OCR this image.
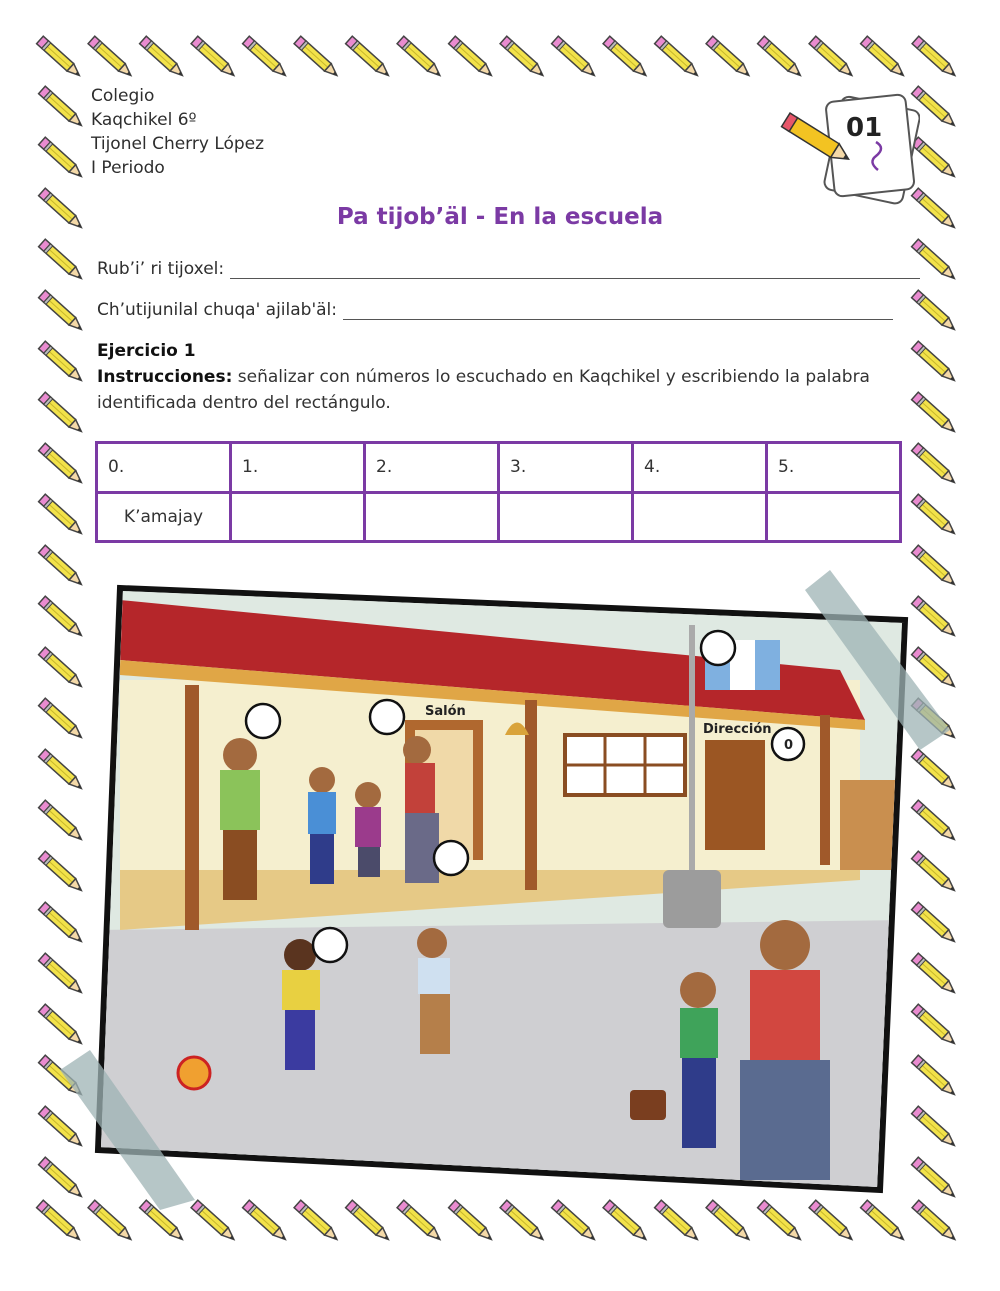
Colegio
Kaqchikel 6º
Tijonel Cherry López
I Periodo
01
Pa tijob’äl - En la escuela
Rub’i’ ri tijoxel:
Ch’utijunilal chuqa' ajilab'äl:
Ejercicio 1
Instrucciones: señalizar con números lo escuchado en Kaqchikel y escribiendo la palabra identificada dentro del rectángulo.
0.	1.	2.	3.	4.	5.
K’amajay					
Salón
Dirección
0
